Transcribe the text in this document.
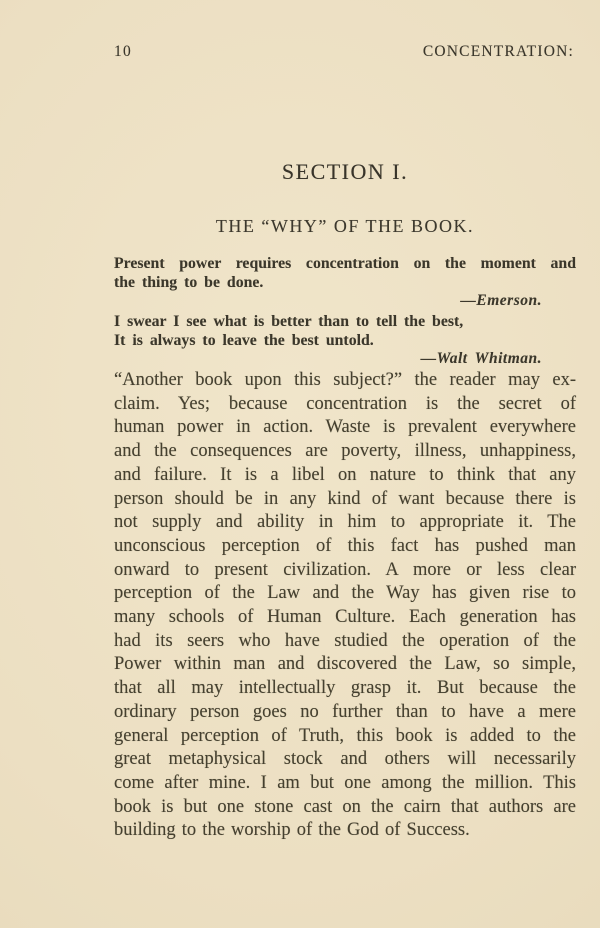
10	CONCENTRATION:
SECTION I.
THE “WHY” OF THE BOOK.
Present power requires concentration on the moment and
the thing to be done.
—Emerson.
I swear I see what is better than to tell the best,
It is always to leave the best untold.
—Walt Whitman.
“Another book upon this subject?” the reader may ex-
claim. Yes; because concentration is the secret of
human power in action. Waste is prevalent everywhere
and the consequences are poverty, illness, unhappiness,
and failure. It is a libel on nature to think that any
person should be in any kind of want because there is
not supply and ability in him to appropriate it. The
unconscious perception of this fact has pushed man
onward to present civilization. A more or less clear
perception of the Law and the Way has given rise to
many schools of Human Culture. Each generation has
had its seers who have studied the operation of the
Power within man and discovered the Law, so simple,
that all may intellectually grasp it. But because the
ordinary person goes no further than to have a mere
general perception of Truth, this book is added to the
great metaphysical stock and others will necessarily
come after mine. I am but one among the million. This
book is but one stone cast on the cairn that authors are
building to the worship of the God of Success.
